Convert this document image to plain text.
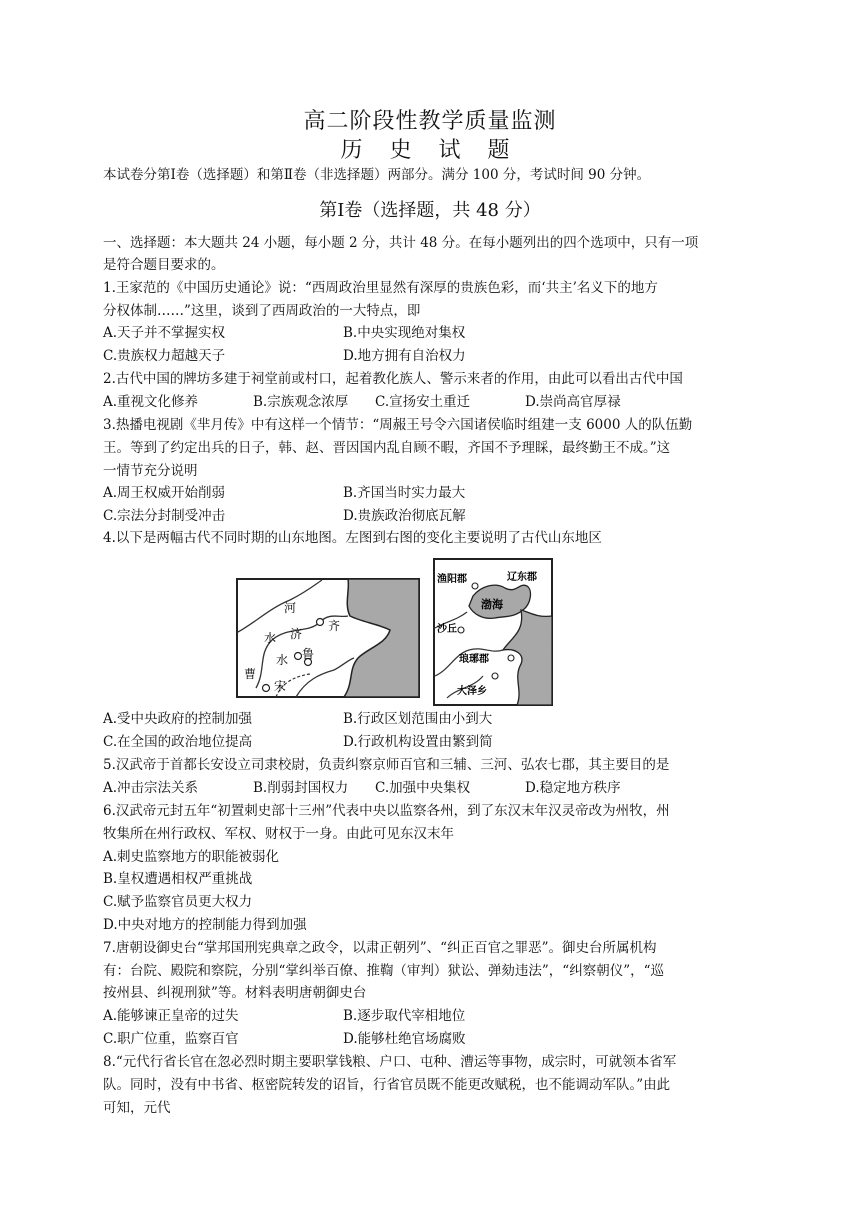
高二阶段性教学质量监测
历 史 试 题
本试卷分第Ⅰ卷（选择题）和第Ⅱ卷（非选择题）两部分。满分 100 分，考试时间 90 分钟。
第Ⅰ卷（选择题，共 48 分）
一、选择题：本大题共 24 小题，每小题 2 分，共计 48 分。在每小题列出的四个选项中，只有一项
是符合题目要求的。
1.王家范的《中国历史通论》说：“西周政治里显然有深厚的贵族色彩，而‘共主’名义下的地方
分权体制……”这里，谈到了西周政治的一大特点，即
A.天子并不掌握实权	B.中央实现绝对集权
C.贵族权力超越天子	D.地方拥有自治权力
2.古代中国的牌坊多建于祠堂前或村口，起着教化族人、警示来者的作用，由此可以看出古代中国
A.重视文化修养	B.宗族观念浓厚 C.宣扬安土重迁	D.崇尚高官厚禄
3.热播电视剧《芈月传》中有这样一个情节：“周赧王号令六国诸侯临时组建一支 6000 人的队伍勤
王。等到了约定出兵的日子，韩、赵、晋因国内乱自顾不暇，齐国不予理睬，最终勤王不成。”这
一情节充分说明
A.周王权威开始削弱	B.齐国当时实力最大
C.宗法分封制受冲击	D.贵族政治彻底瓦解
4.以下是两幅古代不同时期的山东地图。左图到右图的变化主要说明了古代山东地区
河
济
齐
水
水 鲁
曹
宋
渔阳郡	辽东郡
渤海
沙丘
琅琊郡
大泽乡
A.受中央政府的控制加强	B.行政区划范围由小到大
C.在全国的政治地位提高	D.行政机构设置由繁到简
5.汉武帝于首都长安设立司隶校尉，负责纠察京师百官和三辅、三河、弘农七郡，其主要目的是
A.冲击宗法关系	B.削弱封国权力 C.加强中央集权	D.稳定地方秩序
6.汉武帝元封五年“初置刺史部十三州”代表中央以监察各州，到了东汉末年汉灵帝改为州牧，州
牧集所在州行政权、军权、财权于一身。由此可见东汉末年
A.刺史监察地方的职能被弱化
B.皇权遭遇相权严重挑战
C.赋予监察官员更大权力
D.中央对地方的控制能力得到加强
7.唐朝设御史台“掌邦国刑宪典章之政令，以肃正朝列”、“纠正百官之罪恶”。御史台所属机构
有：台院、殿院和察院，分别“掌纠举百僚、推鞫（审判）狱讼、弹劾违法”，“纠察朝仪”，“巡
按州县、纠视刑狱”等。材料表明唐朝御史台
A.能够谏正皇帝的过失	B.逐步取代宰相地位
C.职广位重，监察百官	D.能够杜绝官场腐败
8.“元代行省长官在忽必烈时期主要职掌钱粮、户口、屯种、漕运等事物，成宗时，可就领本省军
队。同时，没有中书省、枢密院转发的诏旨，行省官员既不能更改赋税，也不能调动军队。”由此
可知，元代
